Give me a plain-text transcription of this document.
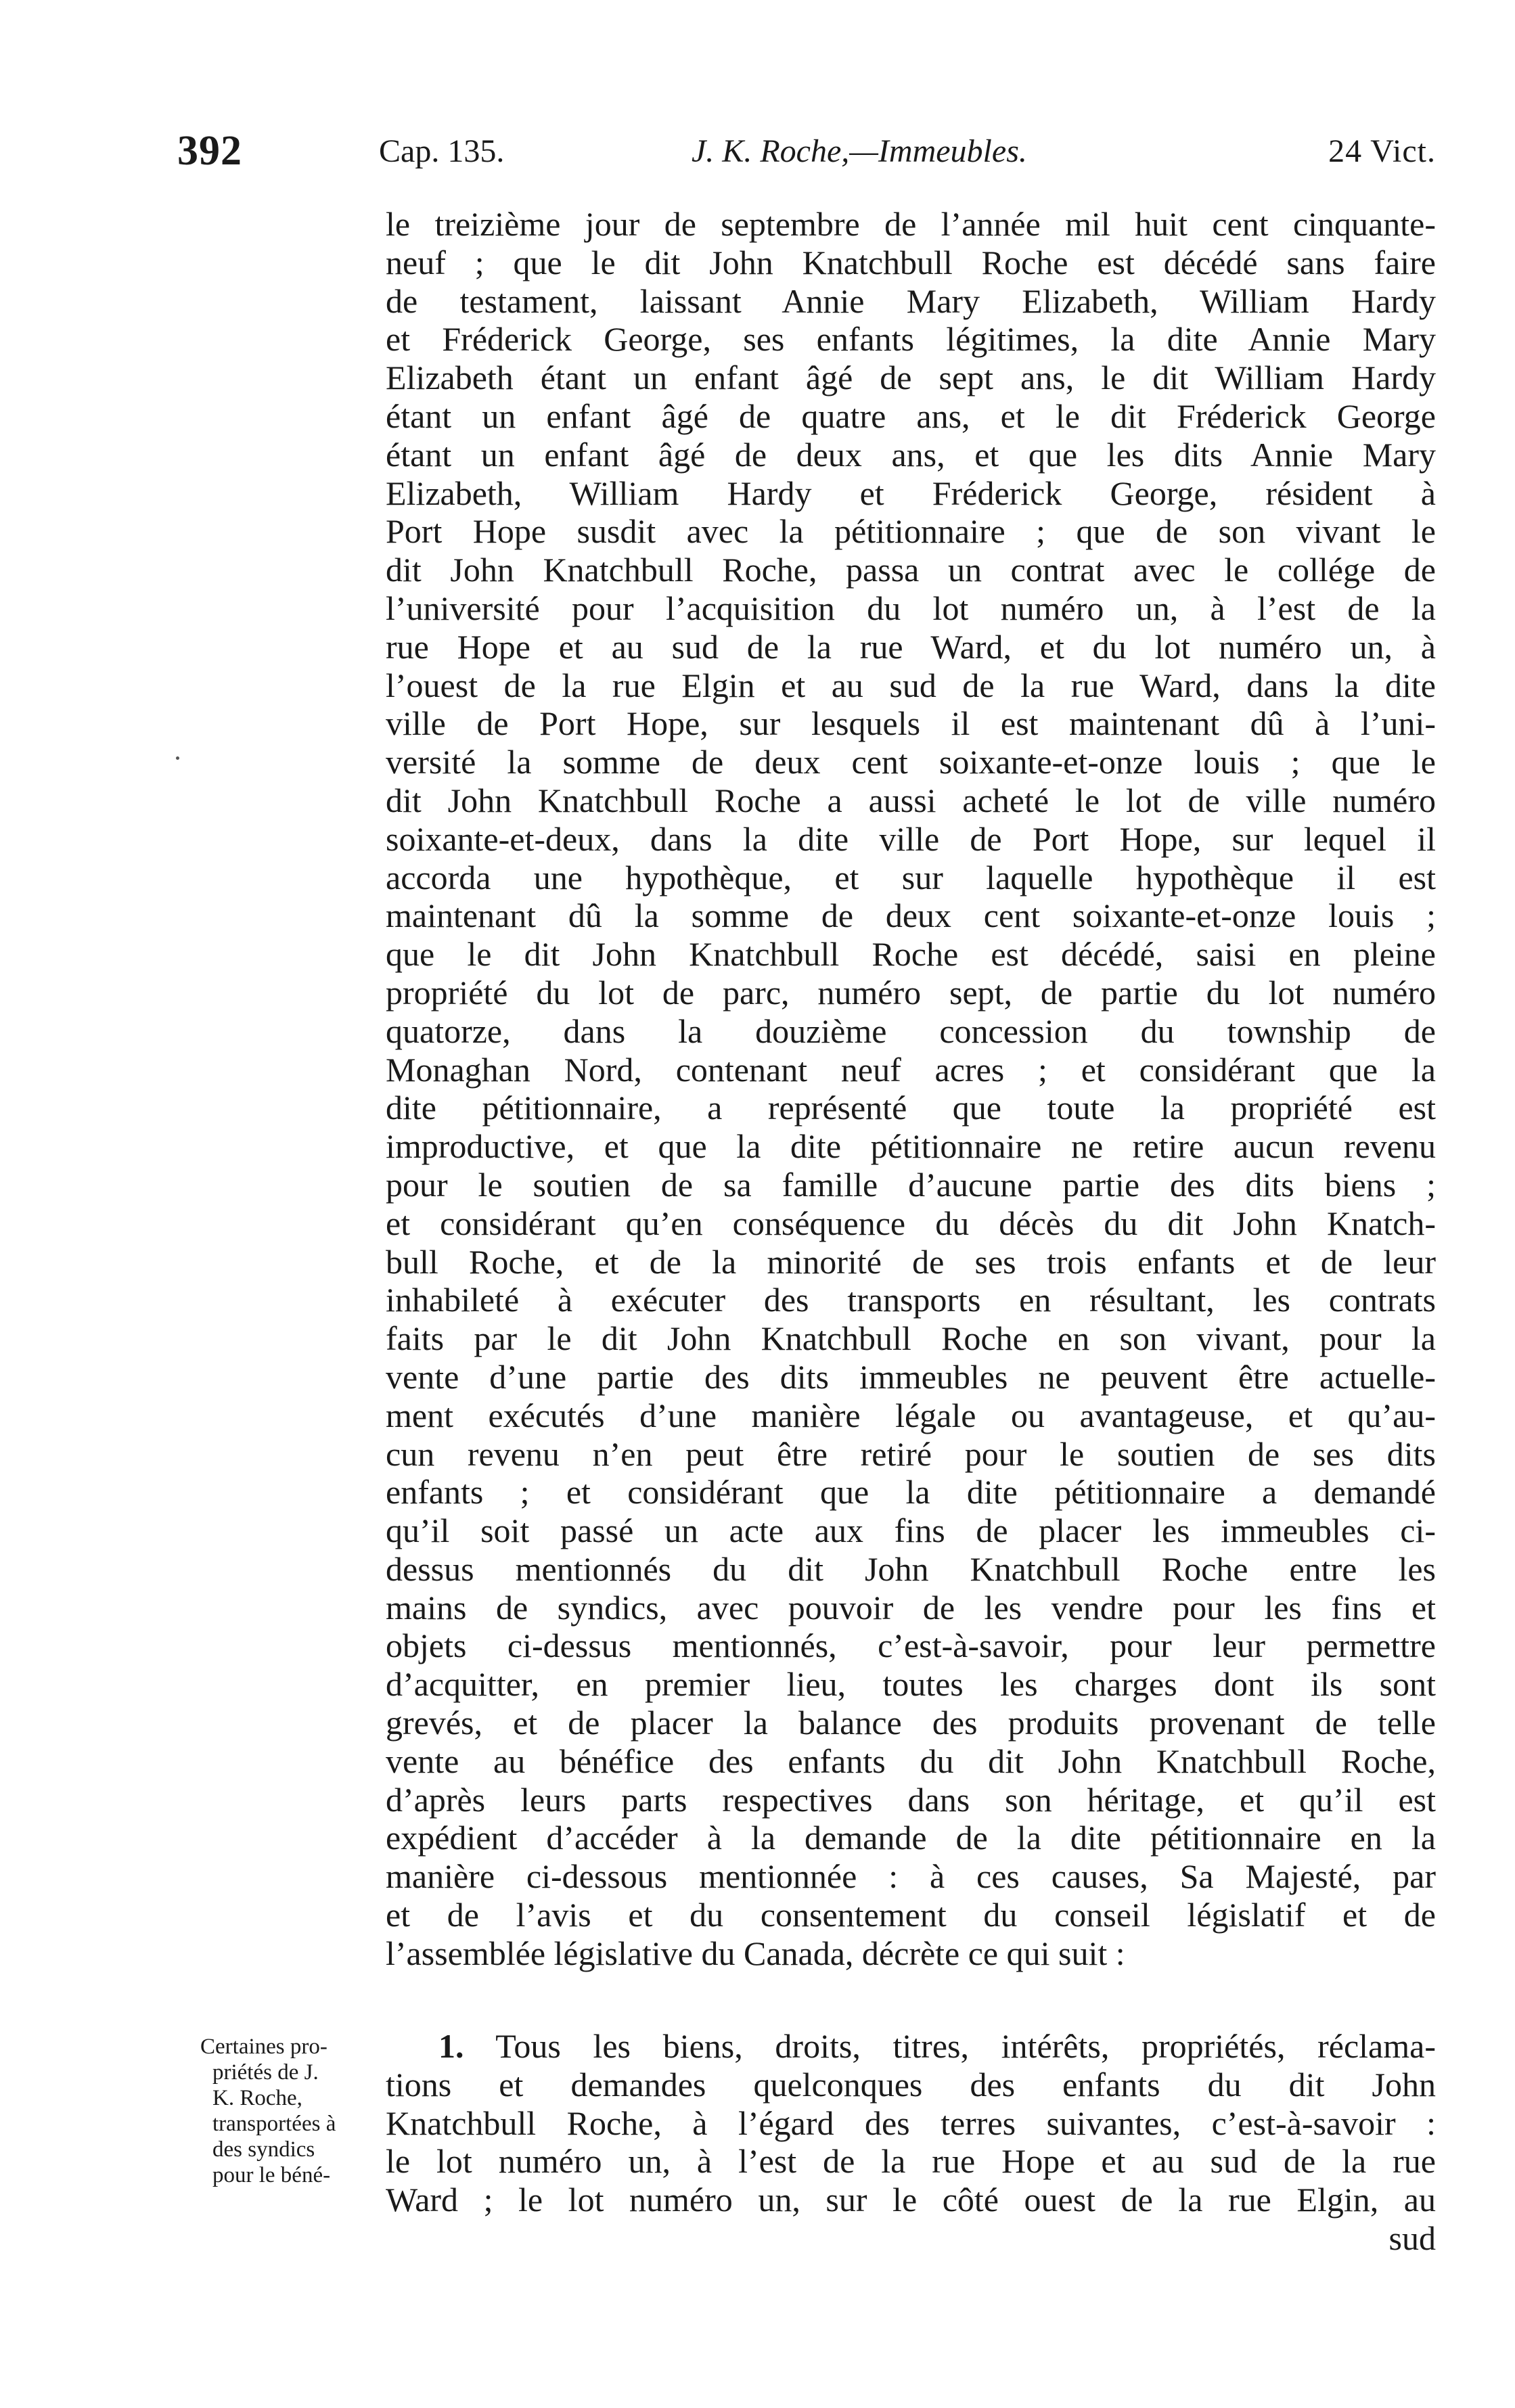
392	Cap. 135.	J. K. Roche,—Immeubles.	24 Vict.
le treizième jour de septembre de l’année mil huit cent cinquante-
neuf ; que le dit John Knatchbull Roche est décédé sans faire
de testament, laissant Annie Mary Elizabeth, William Hardy
et Fréderick George, ses enfants légitimes, la dite Annie Mary
Elizabeth étant un enfant âgé de sept ans, le dit William Hardy
étant un enfant âgé de quatre ans, et le dit Fréderick George
étant un enfant âgé de deux ans, et que les dits Annie Mary
Elizabeth, William Hardy et Fréderick George, résident à
Port Hope susdit avec la pétitionnaire ; que de son vivant le
dit John Knatchbull Roche, passa un contrat avec le collége de
l’université pour l’acquisition du lot numéro un, à l’est de la
rue Hope et au sud de la rue Ward, et du lot numéro un, à
l’ouest de la rue Elgin et au sud de la rue Ward, dans la dite
ville de Port Hope, sur lesquels il est maintenant dû à l’uni-
versité la somme de deux cent soixante-et-onze louis ; que le
dit John Knatchbull Roche a aussi acheté le lot de ville numéro
soixante-et-deux, dans la dite ville de Port Hope, sur lequel il
accorda une hypothèque, et sur laquelle hypothèque il est
maintenant dû la somme de deux cent soixante-et-onze louis ;
que le dit John Knatchbull Roche est décédé, saisi en pleine
propriété du lot de parc, numéro sept, de partie du lot numéro
quatorze, dans la douzième concession du township de
Monaghan Nord, contenant neuf acres ; et considérant que la
dite pétitionnaire, a représenté que toute la propriété est
improductive, et que la dite pétitionnaire ne retire aucun revenu
pour le soutien de sa famille d’aucune partie des dits biens ;
et considérant qu’en conséquence du décès du dit John Knatch-
bull Roche, et de la minorité de ses trois enfants et de leur
inhabileté à exécuter des transports en résultant, les contrats
faits par le dit John Knatchbull Roche en son vivant, pour la
vente d’une partie des dits immeubles ne peuvent être actuelle-
ment exécutés d’une manière légale ou avantageuse, et qu’au-
cun revenu n’en peut être retiré pour le soutien de ses dits
enfants ; et considérant que la dite pétitionnaire a demandé
qu’il soit passé un acte aux fins de placer les immeubles ci-
dessus mentionnés du dit John Knatchbull Roche entre les
mains de syndics, avec pouvoir de les vendre pour les fins et
objets ci-dessus mentionnés, c’est-à-savoir, pour leur permettre
d’acquitter, en premier lieu, toutes les charges dont ils sont
grevés, et de placer la balance des produits provenant de telle
vente au bénéfice des enfants du dit John Knatchbull Roche,
d’après leurs parts respectives dans son héritage, et qu’il est
expédient d’accéder à la demande de la dite pétitionnaire en la
manière ci-dessous mentionnée : à ces causes, Sa Majesté, par
et de l’avis et du consentement du conseil législatif et de
l’assemblée législative du Canada, décrète ce qui suit :
Certaines pro-
priétés de J.
K. Roche,
transportées à
des syndics
pour le béné-
1. Tous les biens, droits, titres, intérêts, propriétés, réclama-
tions et demandes quelconques des enfants du dit John
Knatchbull Roche, à l’égard des terres suivantes, c’est-à-savoir :
le lot numéro un, à l’est de la rue Hope et au sud de la rue
Ward ; le lot numéro un, sur le côté ouest de la rue Elgin, au
sud
